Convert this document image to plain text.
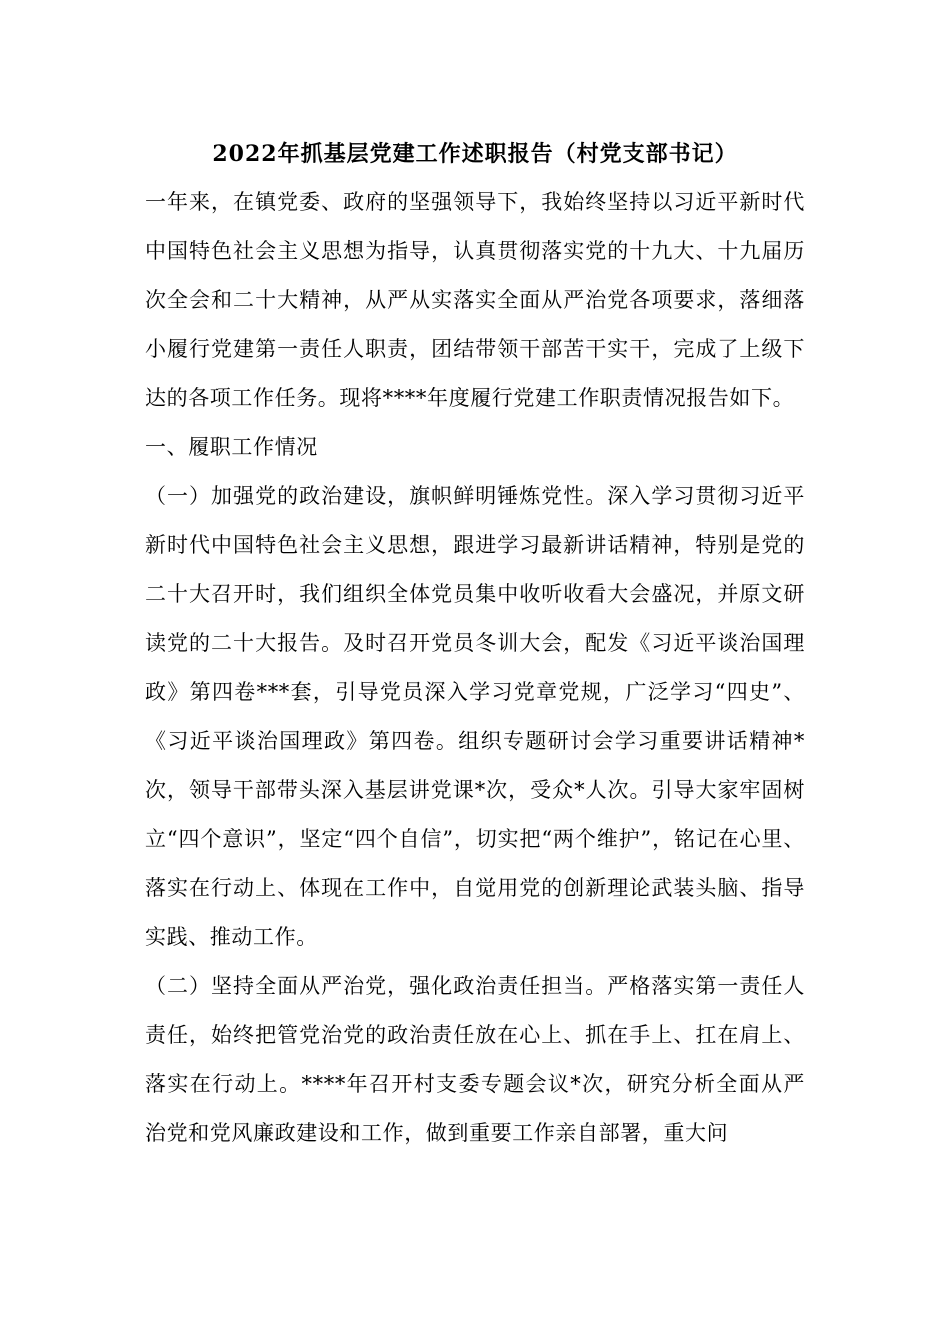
2022年抓基层党建工作述职报告（村党支部书记）

一年来，在镇党委、政府的坚强领导下，我始终坚持以习近平新时代中国特色社会主义思想为指导，认真贯彻落实党的十九大、十九届历次全会和二十大精神，从严从实落实全面从严治党各项要求，落细落小履行党建第一责任人职责，团结带领干部苦干实干，完成了上级下达的各项工作任务。现将****年度履行党建工作职责情况报告如下。

一、履职工作情况

（一）加强党的政治建设，旗帜鲜明锤炼党性。深入学习贯彻习近平新时代中国特色社会主义思想，跟进学习最新讲话精神，特别是党的二十大召开时，我们组织全体党员集中收听收看大会盛况，并原文研读党的二十大报告。及时召开党员冬训大会，配发《习近平谈治国理政》第四卷***套，引导党员深入学习党章党规，广泛学习“四史”、《习近平谈治国理政》第四卷。组织专题研讨会学习重要讲话精神*次，领导干部带头深入基层讲党课*次，受众*人次。引导大家牢固树立“四个意识”，坚定“四个自信”，切实把“两个维护”，铭记在心里、落实在行动上、体现在工作中，自觉用党的创新理论武装头脑、指导实践、推动工作。

（二）坚持全面从严治党，强化政治责任担当。严格落实第一责任人责任，始终把管党治党的政治责任放在心上、抓在手上、扛在肩上、落实在行动上。****年召开村支委专题会议*次，研究分析全面从严治党和党风廉政建设和工作，做到重要工作亲自部署，重大问
